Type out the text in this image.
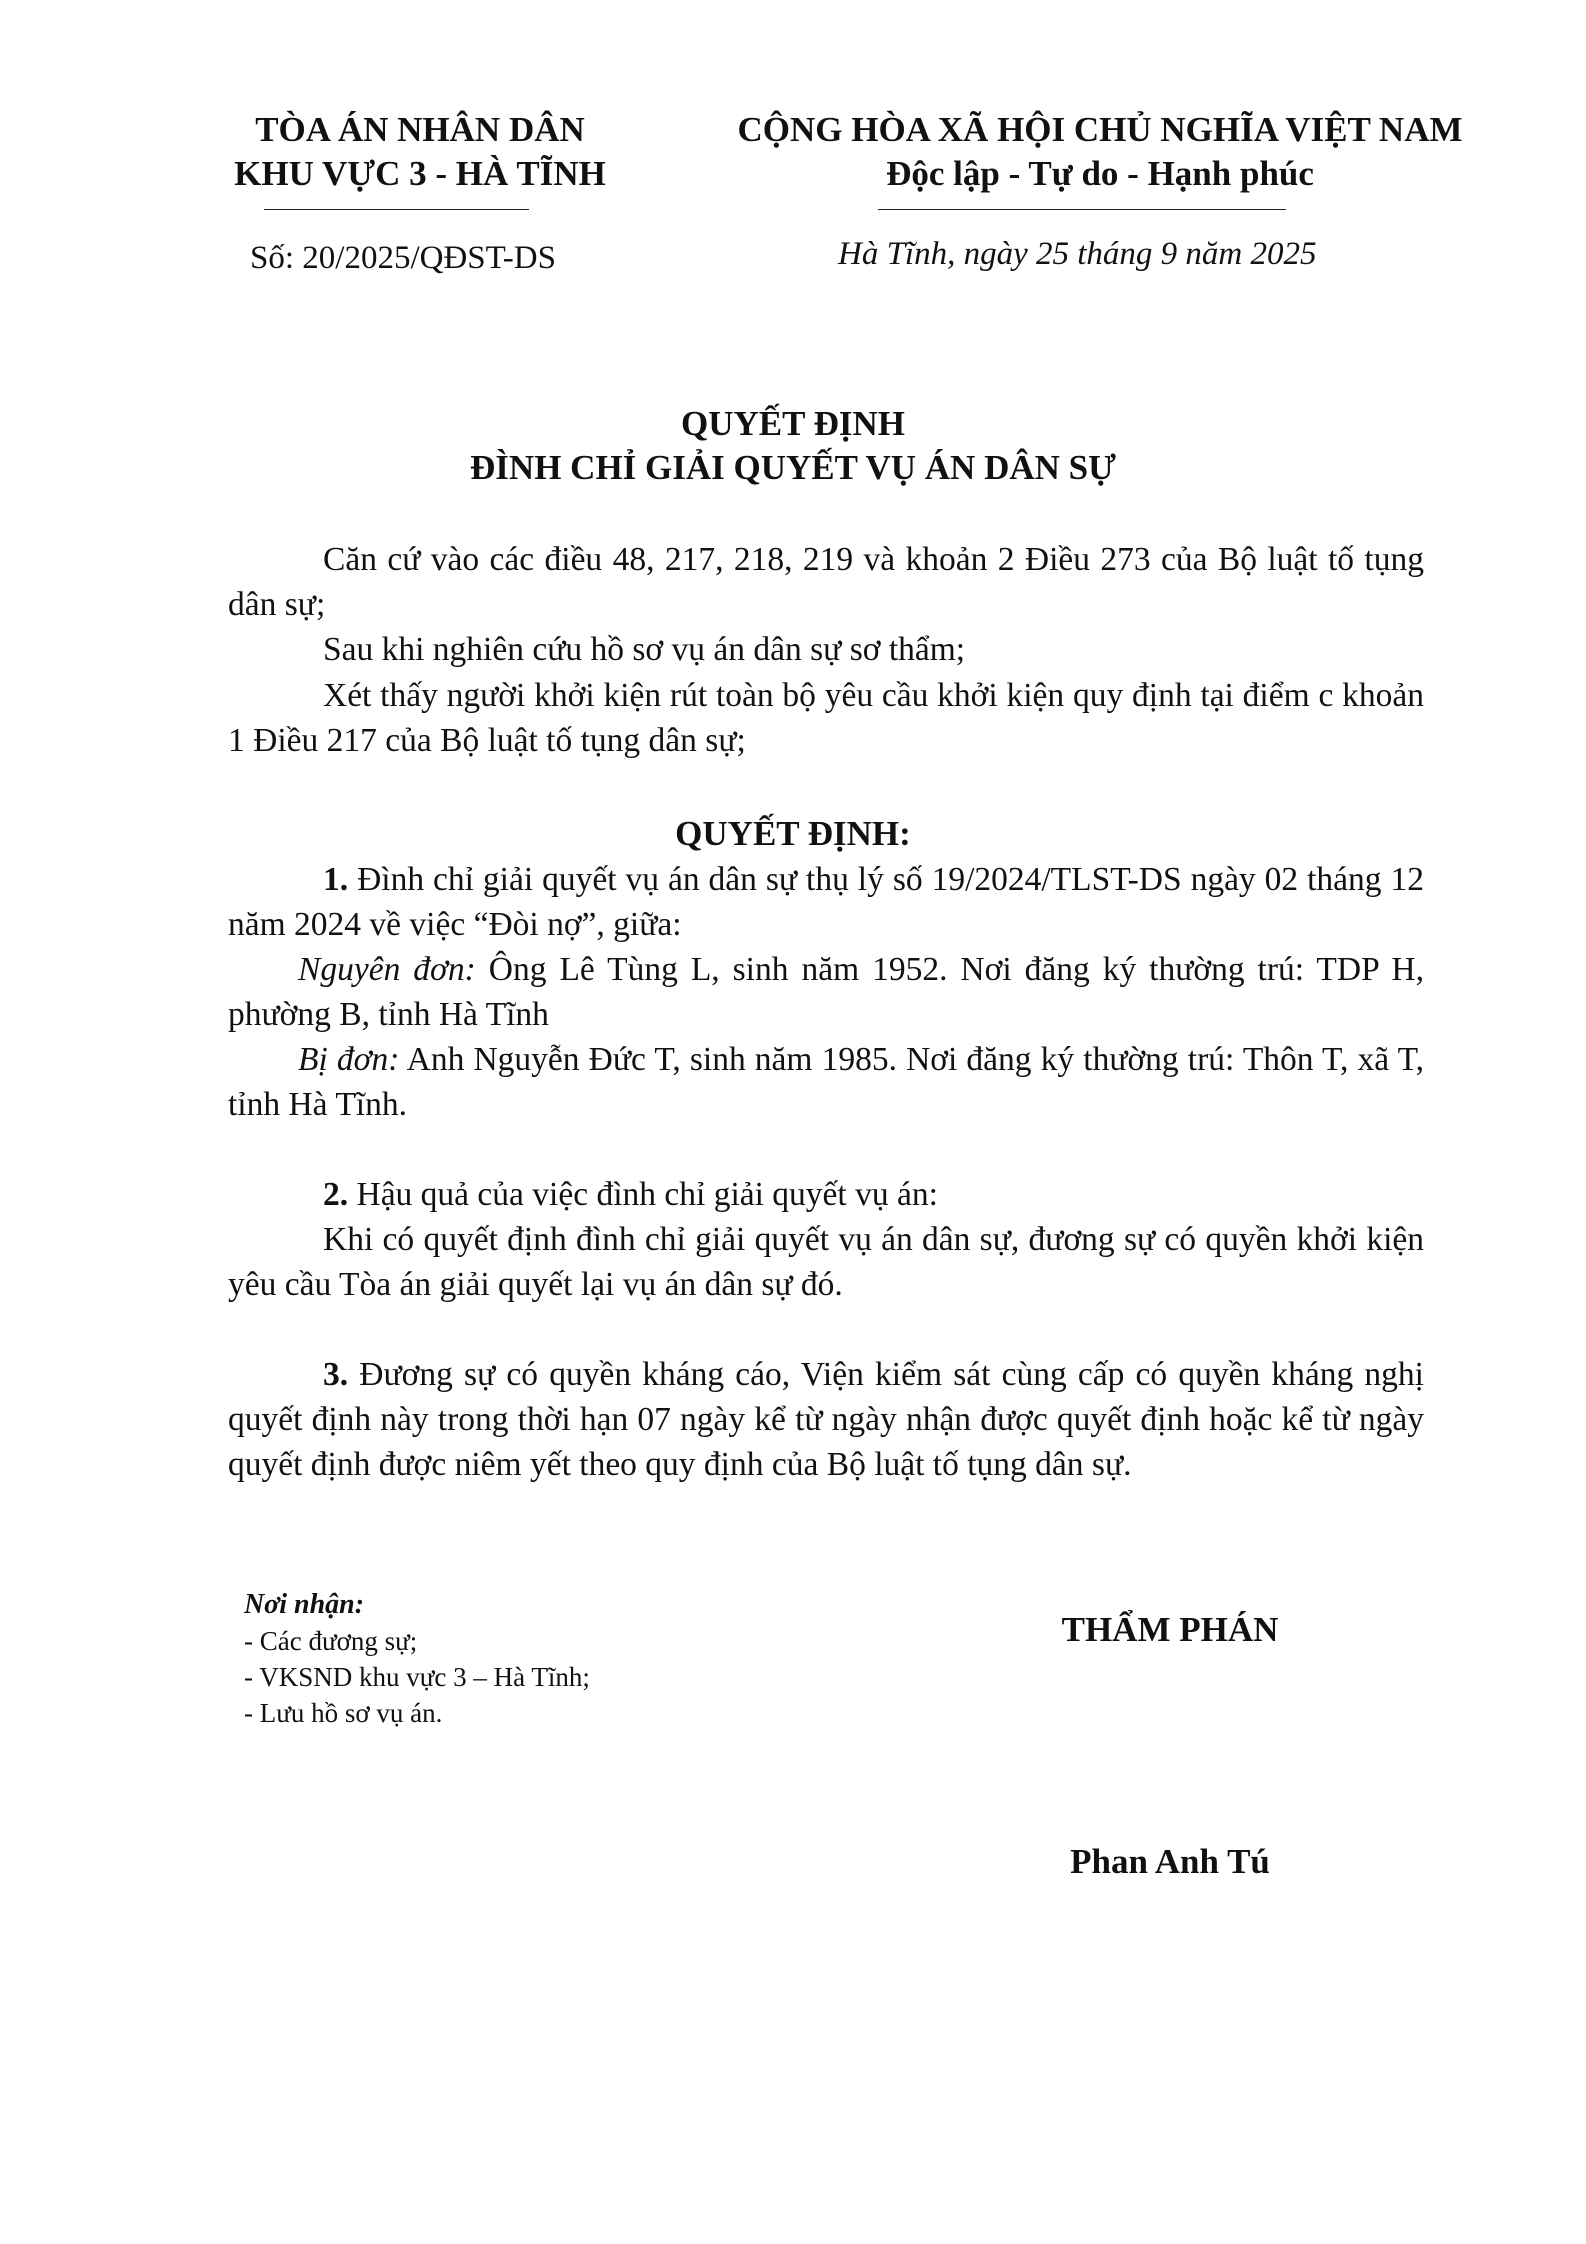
TÒA ÁN NHÂN DÂN
KHU VỰC 3 - HÀ TĨNH
CỘNG HÒA XÃ HỘI CHỦ NGHĨA VIỆT NAM
Độc lập - Tự do - Hạnh phúc
Số: 20/2025/QĐST-DS	Hà Tĩnh, ngày 25 tháng 9 năm 2025
QUYẾT ĐỊNH
ĐÌNH CHỈ GIẢI QUYẾT VỤ ÁN DÂN SỰ
Căn cứ vào các điều 48, 217, 218, 219 và khoản 2 Điều 273 của Bộ luật tố tụng dân sự;
Sau khi nghiên cứu hồ sơ vụ án dân sự sơ thẩm;
Xét thấy người khởi kiện rút toàn bộ yêu cầu khởi kiện quy định tại điểm c khoản 1 Điều 217 của Bộ luật tố tụng dân sự;
QUYẾT ĐỊNH:
1. Đình chỉ giải quyết vụ án dân sự thụ lý số 19/2024/TLST-DS ngày 02 tháng 12 năm 2024 về việc “Đòi nợ”, giữa:
Nguyên đơn: Ông Lê Tùng L, sinh năm 1952. Nơi đăng ký thường trú: TDP H, phường B, tỉnh Hà Tĩnh
Bị đơn: Anh Nguyễn Đức T, sinh năm 1985. Nơi đăng ký thường trú: Thôn T, xã T, tỉnh Hà Tĩnh.
2. Hậu quả của việc đình chỉ giải quyết vụ án:
Khi có quyết định đình chỉ giải quyết vụ án dân sự, đương sự có quyền khởi kiện yêu cầu Tòa án giải quyết lại vụ án dân sự đó.
3. Đương sự có quyền kháng cáo, Viện kiểm sát cùng cấp có quyền kháng nghị quyết định này trong thời hạn 07 ngày kể từ ngày nhận được quyết định hoặc kể từ ngày quyết định được niêm yết theo quy định của Bộ luật tố tụng dân sự.
Nơi nhận:
- Các đương sự;
- VKSND khu vực 3 – Hà Tĩnh;
- Lưu hồ sơ vụ án.
THẨM PHÁN
Phan Anh Tú
